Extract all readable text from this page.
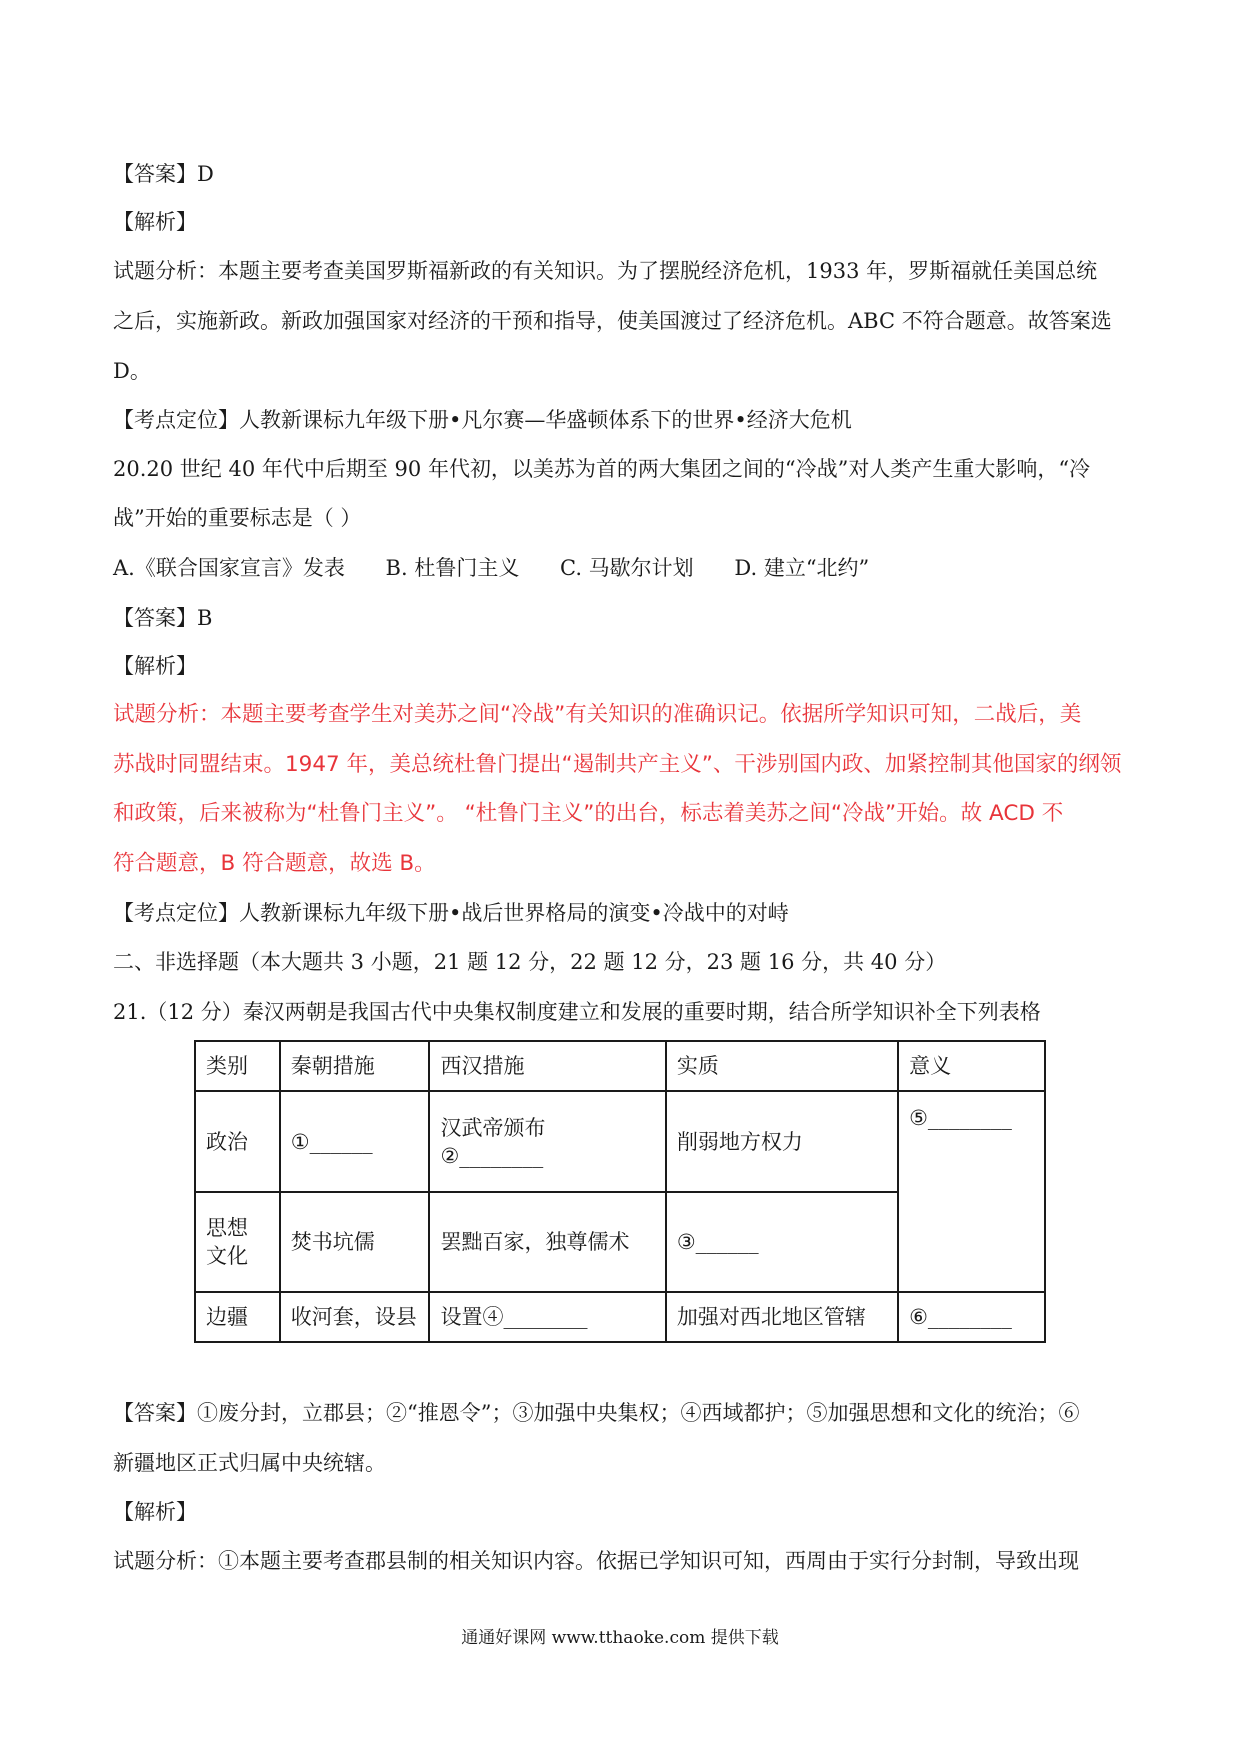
【答案】D
【解析】
试题分析：本题主要考查美国罗斯福新政的有关知识。为了摆脱经济危机，1933 年，罗斯福就任美国总统
之后，实施新政。新政加强国家对经济的干预和指导，使美国渡过了经济危机。ABC 不符合题意。故答案选
D。
【考点定位】人教新课标九年级下册•凡尔赛—华盛顿体系下的世界•经济大危机
20.20 世纪 40 年代中后期至 90 年代初，以美苏为首的两大集团之间的“冷战”对人类产生重大影响，“冷
战”开始的重要标志是（ ）
A.《联合国家宣言》发表 B. 杜鲁门主义 C. 马歇尔计划 D. 建立“北约”
【答案】B
【解析】
试题分析：本题主要考查学生对美苏之间“冷战”有关知识的准确识记。依据所学知识可知，二战后，美
苏战时同盟结束。1947 年，美总统杜鲁门提出“遏制共产主义”、干涉别国内政、加紧控制其他国家的纲领
和政策，后来被称为“杜鲁门主义”。 “杜鲁门主义”的出台，标志着美苏之间“冷战”开始。故 ACD 不
符合题意，B 符合题意，故选 B。
【考点定位】人教新课标九年级下册•战后世界格局的演变•冷战中的对峙
二、非选择题（本大题共 3 小题，21 题 12 分，22 题 12 分，23 题 16 分，共 40 分）
21.（12 分）秦汉两朝是我国古代中央集权制度建立和发展的重要时期，结合所学知识补全下列表格
类别	秦朝措施	西汉措施	实质	意义
政治	①______	汉武帝颁布
②________	削弱地方权力	⑤________

思想
文化	焚书坑儒	罢黜百家，独尊儒术	③______	
边疆	收河套，设县	设置④________	加强对西北地区管辖	⑥________
【答案】①废分封，立郡县；②“推恩令”；③加强中央集权；④西域都护；⑤加强思想和文化的统治；⑥
新疆地区正式归属中央统辖。
【解析】
试题分析：①本题主要考查郡县制的相关知识内容。依据已学知识可知，西周由于实行分封制，导致出现
通通好课网 www.tthaoke.com 提供下载
